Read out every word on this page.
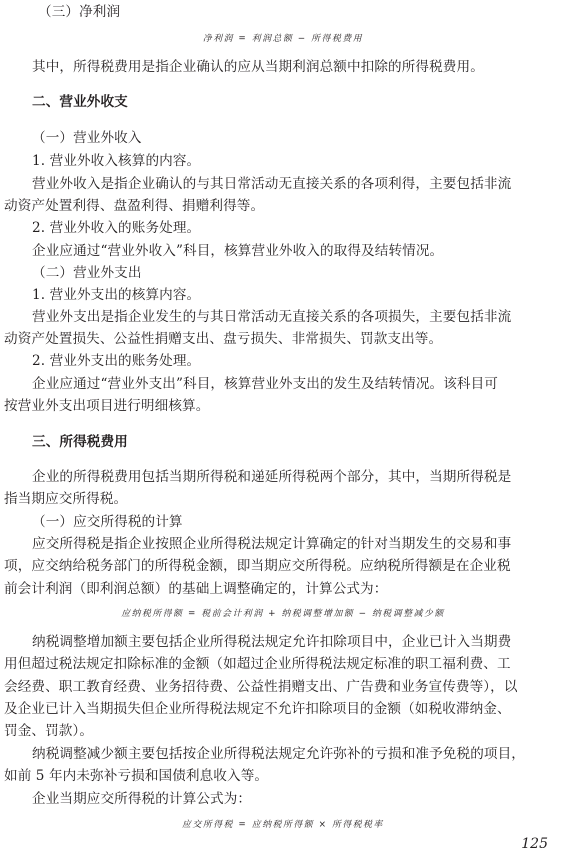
（三）净利润
净利润 = 利润总额 − 所得税费用
其中，所得税费用是指企业确认的应从当期利润总额中扣除的所得税费用。
二、营业外收支
（一）营业外收入
1. 营业外收入核算的内容。
营业外收入是指企业确认的与其日常活动无直接关系的各项利得，主要包括非流
动资产处置利得、盘盈利得、捐赠利得等。
2. 营业外收入的账务处理。
企业应通过“营业外收入”科目，核算营业外收入的取得及结转情况。
（二）营业外支出
1. 营业外支出的核算内容。
营业外支出是指企业发生的与其日常活动无直接关系的各项损失，主要包括非流
动资产处置损失、公益性捐赠支出、盘亏损失、非常损失、罚款支出等。
2. 营业外支出的账务处理。
企业应通过“营业外支出”科目，核算营业外支出的发生及结转情况。该科目可
按营业外支出项目进行明细核算。
三、所得税费用
企业的所得税费用包括当期所得税和递延所得税两个部分，其中，当期所得税是
指当期应交所得税。
（一）应交所得税的计算
应交所得税是指企业按照企业所得税法规定计算确定的针对当期发生的交易和事
项，应交纳给税务部门的所得税金额，即当期应交所得税。应纳税所得额是在企业税
前会计利润（即利润总额）的基础上调整确定的，计算公式为：
应纳税所得额 = 税前会计利润 + 纳税调整增加额 − 纳税调整减少额
纳税调整增加额主要包括企业所得税法规定允许扣除项目中，企业已计入当期费
用但超过税法规定扣除标准的金额（如超过企业所得税法规定标准的职工福利费、工
会经费、职工教育经费、业务招待费、公益性捐赠支出、广告费和业务宣传费等），以
及企业已计入当期损失但企业所得税法规定不允许扣除项目的金额（如税收滞纳金、
罚金、罚款）。
纳税调整减少额主要包括按企业所得税法规定允许弥补的亏损和准予免税的项目，
如前 5 年内未弥补亏损和国债利息收入等。
企业当期应交所得税的计算公式为：
应交所得税 = 应纳税所得额 × 所得税税率
125
